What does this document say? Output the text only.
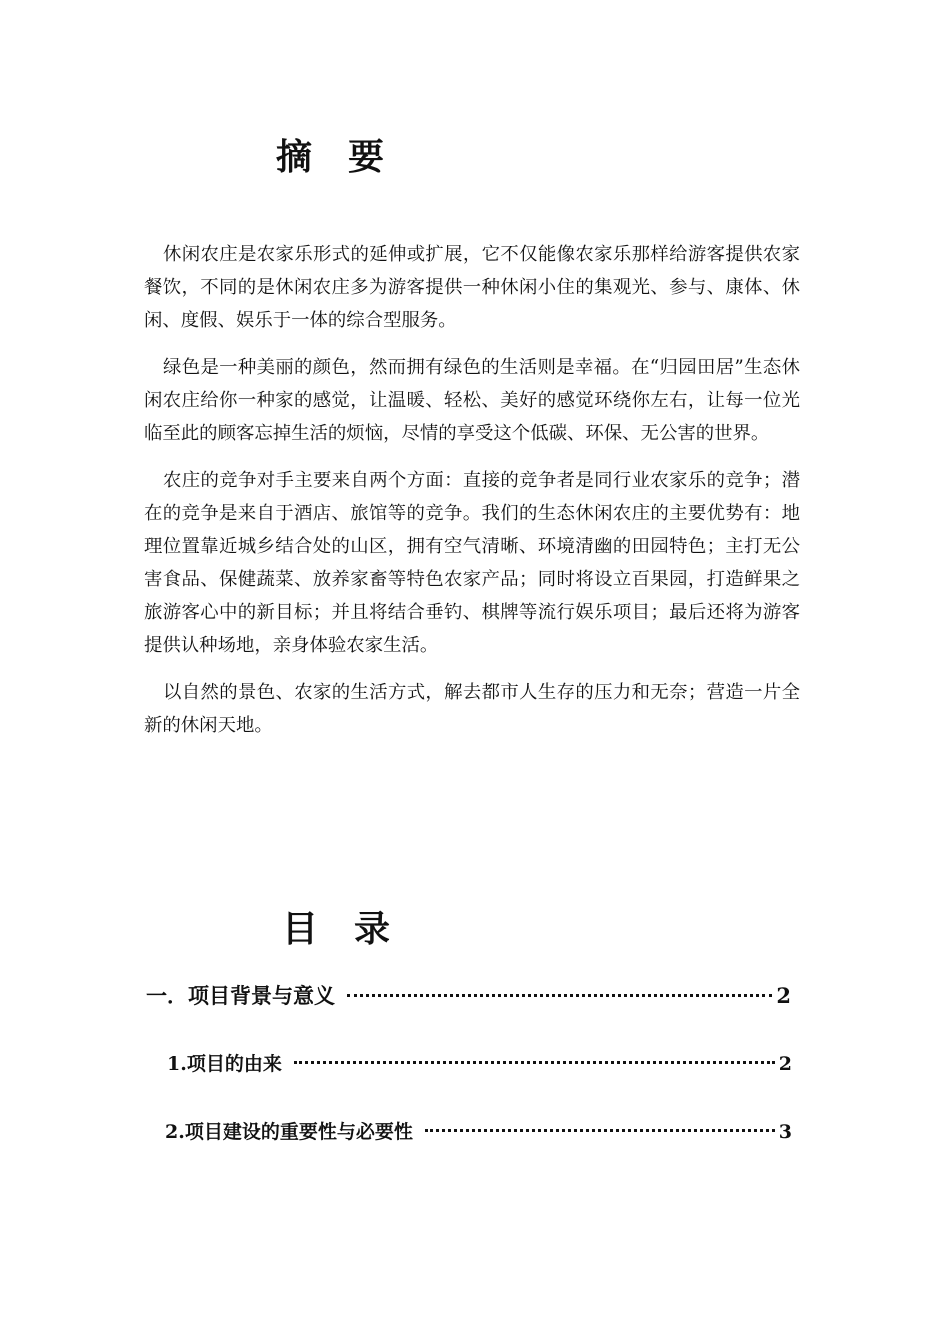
摘 要

休闲农庄是农家乐形式的延伸或扩展，它不仅能像农家乐那样给游客提供农家餐饮，不同的是休闲农庄多为游客提供一种休闲小住的集观光、参与、康体、休闲、度假、娱乐于一体的综合型服务。

绿色是一种美丽的颜色，然而拥有绿色的生活则是幸福。在“归园田居”生态休闲农庄给你一种家的感觉，让温暖、轻松、美好的感觉环绕你左右，让每一位光临至此的顾客忘掉生活的烦恼，尽情的享受这个低碳、环保、无公害的世界。

农庄的竞争对手主要来自两个方面：直接的竞争者是同行业农家乐的竞争；潜在的竞争是来自于酒店、旅馆等的竞争。我们的生态休闲农庄的主要优势有：地理位置靠近城乡结合处的山区，拥有空气清晰、环境清幽的田园特色；主打无公害食品、保健蔬菜、放养家畜等特色农家产品；同时将设立百果园，打造鲜果之旅游客心中的新目标；并且将结合垂钓、棋牌等流行娱乐项目；最后还将为游客提供认种场地，亲身体验农家生活。

以自然的景色、农家的生活方式，解去都市人生存的压力和无奈；营造一片全新的休闲天地。

目 录
一．项目背景与意义	2
1.项目的由来	2
2.项目建设的重要性与必要性	3
